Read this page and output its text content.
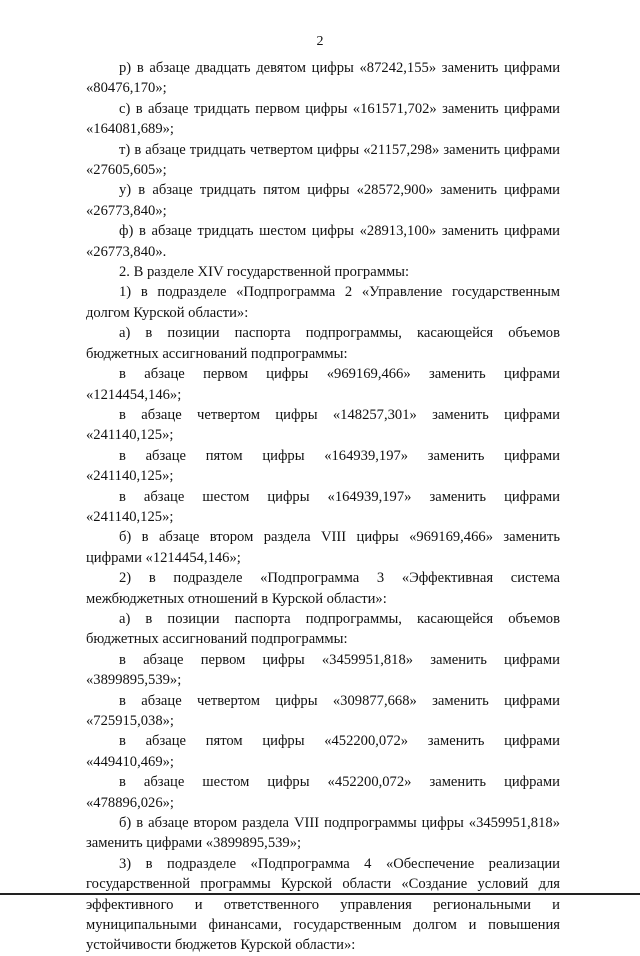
2

р) в абзаце двадцать девятом цифры «87242,155» заменить цифрами «80476,170»;

с) в абзаце тридцать первом цифры «161571,702» заменить цифрами «164081,689»;

т) в абзаце тридцать четвертом цифры «21157,298» заменить цифрами «27605,605»;

у) в абзаце тридцать пятом цифры «28572,900» заменить цифрами «26773,840»;

ф) в абзаце тридцать шестом цифры «28913,100» заменить цифрами «26773,840».

2. В разделе XIV государственной программы:

1) в подразделе «Подпрограмма 2 «Управление государственным долгом Курской области»:

а) в позиции паспорта подпрограммы, касающейся объемов бюджетных ассигнований подпрограммы:

в абзаце первом цифры «969169,466» заменить цифрами

«1214454,146»;

в абзаце четвертом цифры «148257,301» заменить цифрами

«241140,125»;

в абзаце пятом цифры «164939,197» заменить цифрами

«241140,125»;

в абзаце шестом цифры «164939,197» заменить цифрами

«241140,125»;

б) в абзаце втором раздела VIII цифры «969169,466» заменить цифрами «1214454,146»;

2) в подразделе «Подпрограмма 3 «Эффективная система межбюджетных отношений в Курской области»:

а) в позиции паспорта подпрограммы, касающейся объемов бюджетных ассигнований подпрограммы:

в абзаце первом цифры «3459951,818» заменить цифрами

«3899895,539»;

в абзаце четвертом цифры «309877,668» заменить цифрами

«725915,038»;

в абзаце пятом цифры «452200,072» заменить цифрами

«449410,469»;

в абзаце шестом цифры «452200,072» заменить цифрами

«478896,026»;

б) в абзаце втором раздела VIII подпрограммы цифры «3459951,818» заменить цифрами «3899895,539»;

3) в подразделе «Подпрограмма 4 «Обеспечение реализации государственной программы Курской области «Создание условий для эффективного и ответственного управления региональными и муниципальными финансами, государственным долгом и повышения устойчивости бюджетов Курской области»:
